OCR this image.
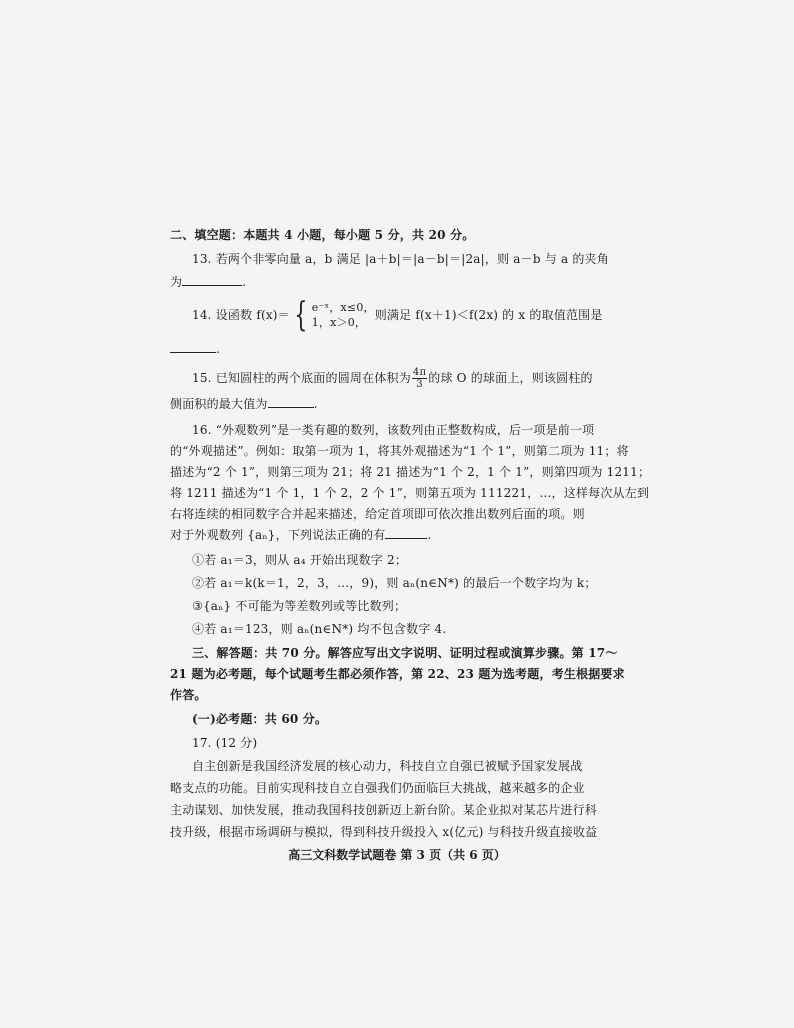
二、填空题：本题共 4 小题，每小题 5 分，共 20 分。
13. 若两个非零向量 a，b 满足 |a＋b|＝|a－b|＝|2a|，则 a－b 与 a 的夹角
为	.
14. 设函数 f(x)＝ { e⁻ˣ，x≤0，
1，x＞0，
则满足 f(x＋1)＜f(2x) 的 x 的取值范围是
.
15. 已知圆柱的两个底面的圆周在体积为 $\frac{4\pi}{3}$ 的球 O 的球面上，则该圆柱的
侧面积的最大值为	.
16. “外观数列”是一类有趣的数列，该数列由正整数构成，后一项是前一项
的“外观描述”。例如：取第一项为 1，将其外观描述为“1 个 1”，则第二项为 11；将
描述为“2 个 1”，则第三项为 21；将 21 描述为“1 个 2，1 个 1”，则第四项为 1211；
将 1211 描述为“1 个 1，1 个 2，2 个 1”，则第五项为 111221，…，这样每次从左到
右将连续的相同数字合并起来描述，给定首项即可依次推出数列后面的项。则
对于外观数列 {aₙ}，下列说法正确的有	.
①若 a₁＝3，则从 a₄ 开始出现数字 2；
②若 a₁＝k(k＝1，2，3，…，9)，则 aₙ(n∈N*) 的最后一个数字均为 k；
③{aₙ} 不可能为等差数列或等比数列；
④若 a₁＝123，则 aₙ(n∈N*) 均不包含数字 4.
三、解答题：共 70 分。解答应写出文字说明、证明过程或演算步骤。第 17～
21 题为必考题，每个试题考生都必须作答，第 22、23 题为选考题，考生根据要求
作答。
(一)必考题：共 60 分。
17. (12 分)
自主创新是我国经济发展的核心动力，科技自立自强已被赋予国家发展战
略支点的功能。目前实现科技自立自强我们仍面临巨大挑战，越来越多的企业
主动谋划、加快发展，推动我国科技创新迈上新台阶。某企业拟对某芯片进行科
技升级，根据市场调研与模拟，得到科技升级投入 x(亿元) 与科技升级直接收益
高三文科数学试题卷 第 3 页（共 6 页）
